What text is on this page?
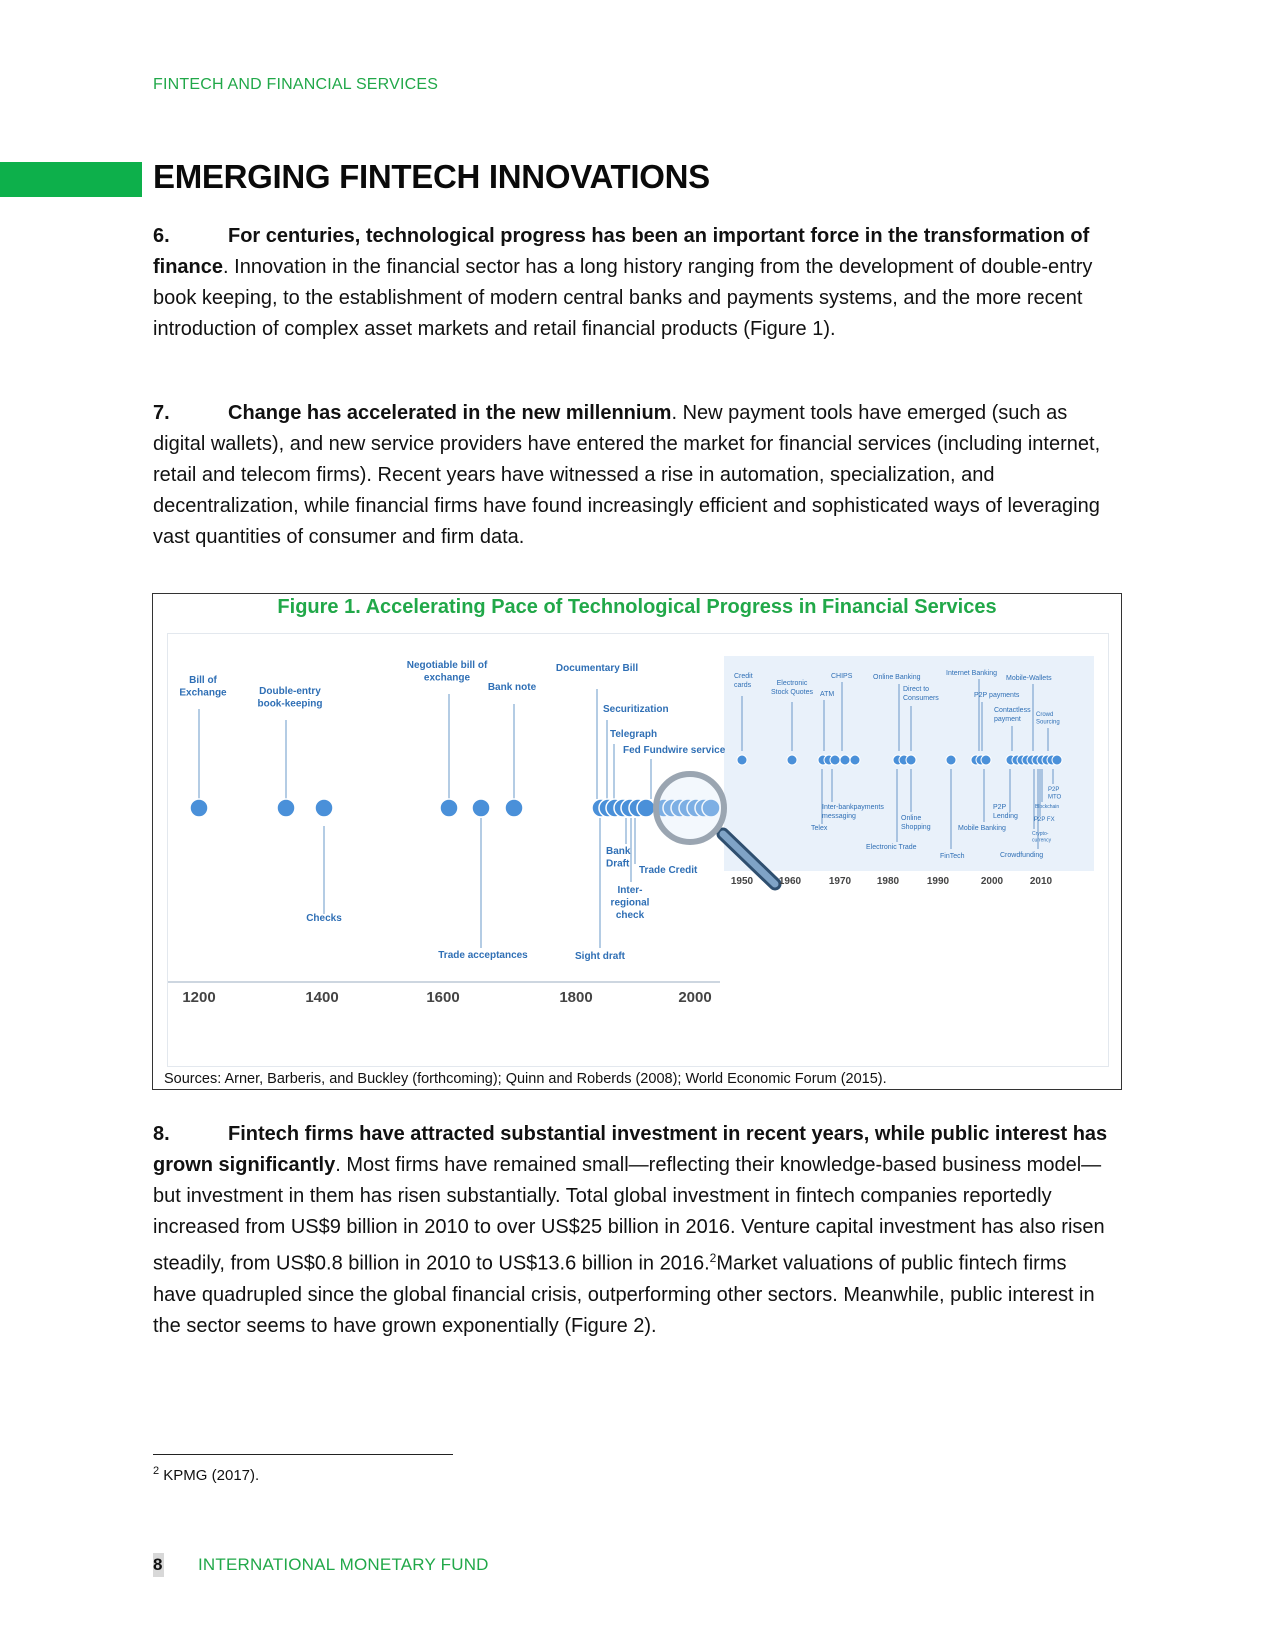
FINTECH AND FINANCIAL SERVICES
EMERGING FINTECH INNOVATIONS

6.	For centuries, technological progress has been an important force in the transformation of finance. Innovation in the financial sector has a long history ranging from the development of double-entry book keeping, to the establishment of modern central banks and payments systems, and the more recent introduction of complex asset markets and retail financial products (Figure 1).

7.	Change has accelerated in the new millennium. New payment tools have emerged (such as digital wallets), and new service providers have entered the market for financial services (including internet, retail and telecom firms). Recent years have witnessed a rise in automation, specialization, and decentralization, while financial firms have found increasingly efficient and sophisticated ways of leveraging vast quantities of consumer and firm data.

Figure 1. Accelerating Pace of Technological Progress in Financial Services
1200	1400	1600	1800	2000
Bill of Exchange	Double-entry book-keeping
Checks
Negotiable bill of exchange
Trade acceptances
Bank note
Documentary Bill
Sight draft
Securitization
Telegraph
Fed Fundwire service
Bank Draft
Inter-regional check
Trade Credit
1950	1960	1970	1980	1990	2000	2010
Credit cards	Electronic Stock Quotes ATM
CHIPS
Telex
Inter-bankpayments messaging
Online Banking
Direct to Consumers
Electronic Trade
Online Shopping
FinTech
Internet Banking
P2P payments
Mobile Banking
Contactless payment
Mobile-Wallets
P2P Lending
Crowdfunding
Crowd Sourcing
P2P MTO
Blockchain
P2P FX
Crypto-currency
Sources: Arner, Barberis, and Buckley (forthcoming); Quinn and Roberds (2008); World Economic Forum (2015).

8.	Fintech firms have attracted substantial investment in recent years, while public interest has grown significantly. Most firms have remained small—reflecting their knowledge-based business model—but investment in them has risen substantially. Total global investment in fintech companies reportedly increased from US$9 billion in 2010 to over US$25 billion in 2016. Venture capital investment has also risen steadily, from US$0.8 billion in 2010 to US$13.6 billion in 2016.$^2$Market valuations of public fintech firms have quadrupled since the global financial crisis, outperforming other sectors. Meanwhile, public interest in the sector seems to have grown exponentially (Figure 2).

$^2$ KPMG (2017).
8 INTERNATIONAL MONETARY FUND
